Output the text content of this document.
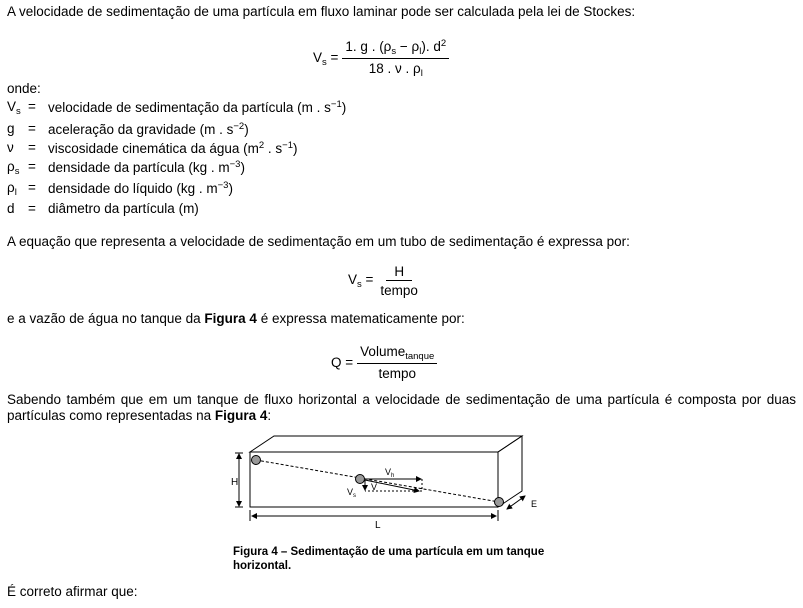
A velocidade de sedimentação de uma partícula em fluxo laminar pode ser calculada pela lei de Stockes:
$V_s = \frac{1. g . (\rho_s - \rho_l). d^2}{18 . \nu . \rho_l}$
onde:
$V_s$ = velocidade de sedimentação da partícula (m . $s^{-1}$)
g = aceleração da gravidade (m . $s^{-2}$)
ν	= viscosidade cinemática da água ($m^2$ . $s^{-1}$)
$\rho_s$ = densidade da partícula (kg . $m^{-3}$)
$\rho_l$ = densidade do líquido (kg . $m^{-3}$)
d = diâmetro da partícula (m)
A equação que representa a velocidade de sedimentação em um tubo de sedimentação é expressa por:
$V_s = \frac{H}{\text{tempo}}$
e a vazão de água no tanque da Figura 4 é expressa matematicamente por:
$Q = \frac{Volume_{tanque}}{\text{tempo}}$
Sabendo também que em um tanque de fluxo horizontal a velocidade de sedimentação de uma partícula é composta por duas partículas como representadas na Figura 4:
H
L
E
$V_h$
$V_s$
V
Figura 4 – Sedimentação de uma partícula em um tanque horizontal.
É correto afirmar que:
